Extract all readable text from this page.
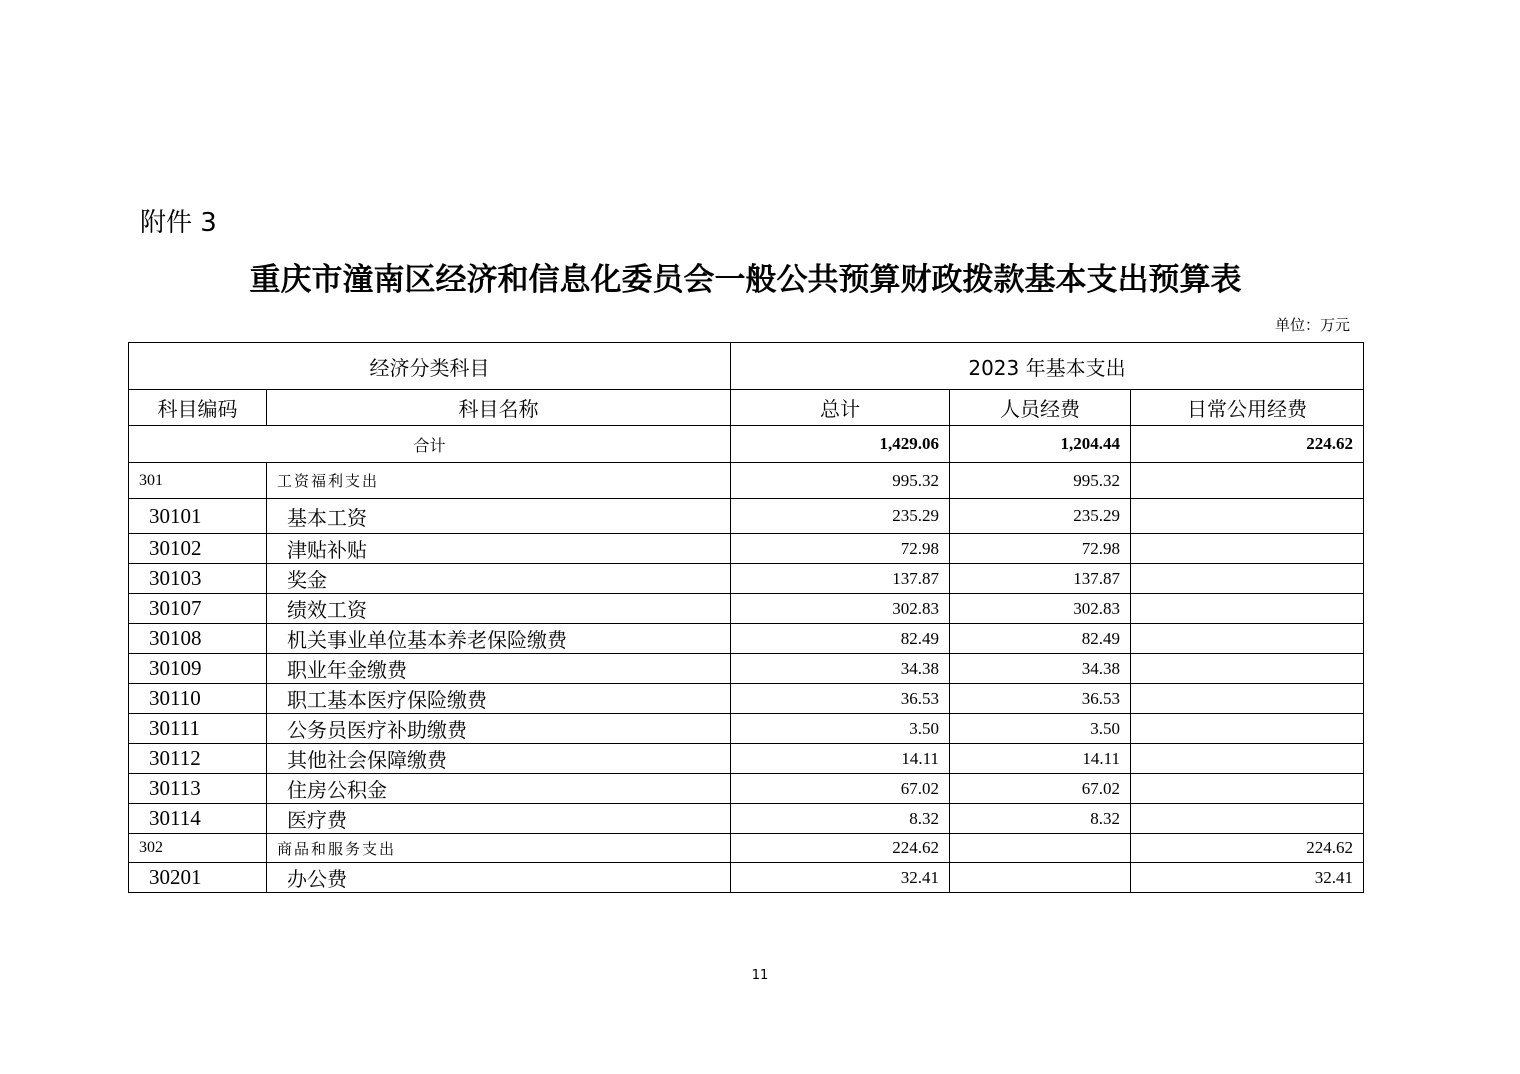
附件 3
重庆市潼南区经济和信息化委员会一般公共预算财政拨款基本支出预算表
单位：万元
经济分类科目		2023 年基本支出		
科目编码	科目名称	总计	人员经费	日常公用经费
合计		1,429.06	1,204.44	224.62
301	工资福利支出	995.32	995.32	
30101	基本工资	235.29	235.29	
30102	津贴补贴	72.98	72.98	
30103	奖金	137.87	137.87	
30107	绩效工资	302.83	302.83	
30108	机关事业单位基本养老保险缴费	82.49	82.49	
30109	职业年金缴费	34.38	34.38	
30110	职工基本医疗保险缴费	36.53	36.53	
30111	公务员医疗补助缴费	3.50	3.50	
30112	其他社会保障缴费	14.11	14.11	
30113	住房公积金	67.02	67.02	
30114	医疗费	8.32	8.32	
302	商品和服务支出	224.62		224.62
30201	办公费	32.41		32.41
11
